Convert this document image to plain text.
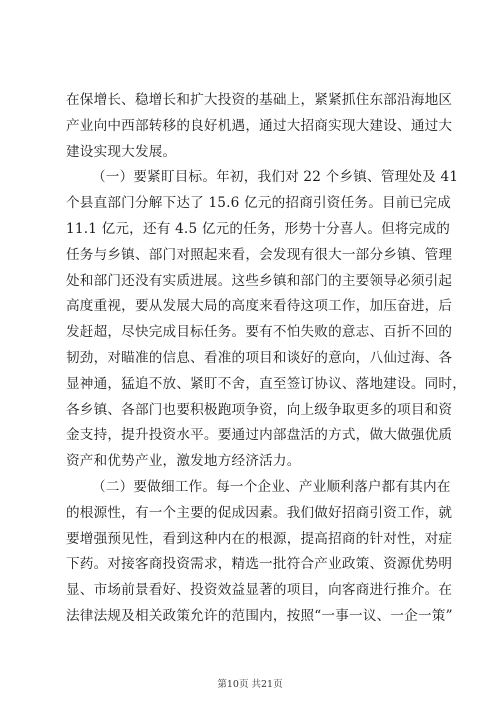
在保增长、稳增长和扩大投资的基础上，紧紧抓住东部沿海地区
产业向中西部转移的良好机遇，通过大招商实现大建设、通过大
建设实现大发展。
（一）要紧盯目标。年初，我们对 22 个乡镇、管理处及 41
个县直部门分解下达了 15.6 亿元的招商引资任务。目前已完成
11.1 亿元，还有 4.5 亿元的任务，形势十分喜人。但将完成的
任务与乡镇、部门对照起来看，会发现有很大一部分乡镇、管理
处和部门还没有实质进展。这些乡镇和部门的主要领导必须引起
高度重视，要从发展大局的高度来看待这项工作，加压奋进，后
发赶超，尽快完成目标任务。要有不怕失败的意志、百折不回的
韧劲，对瞄准的信息、看准的项目和谈好的意向，八仙过海、各
显神通，猛追不放、紧盯不舍，直至签订协议、落地建设。同时，
各乡镇、各部门也要积极跑项争资，向上级争取更多的项目和资
金支持，提升投资水平。要通过内部盘活的方式，做大做强优质
资产和优势产业，激发地方经济活力。
（二）要做细工作。每一个企业、产业顺利落户都有其内在
的根源性，有一个主要的促成因素。我们做好招商引资工作，就
要增强预见性，看到这种内在的根源，提高招商的针对性，对症
下药。对接客商投资需求，精选一批符合产业政策、资源优势明
显、市场前景看好、投资效益显著的项目，向客商进行推介。在
法律法规及相关政策允许的范围内，按照“一事一议、一企一策”
第10页 共21页
